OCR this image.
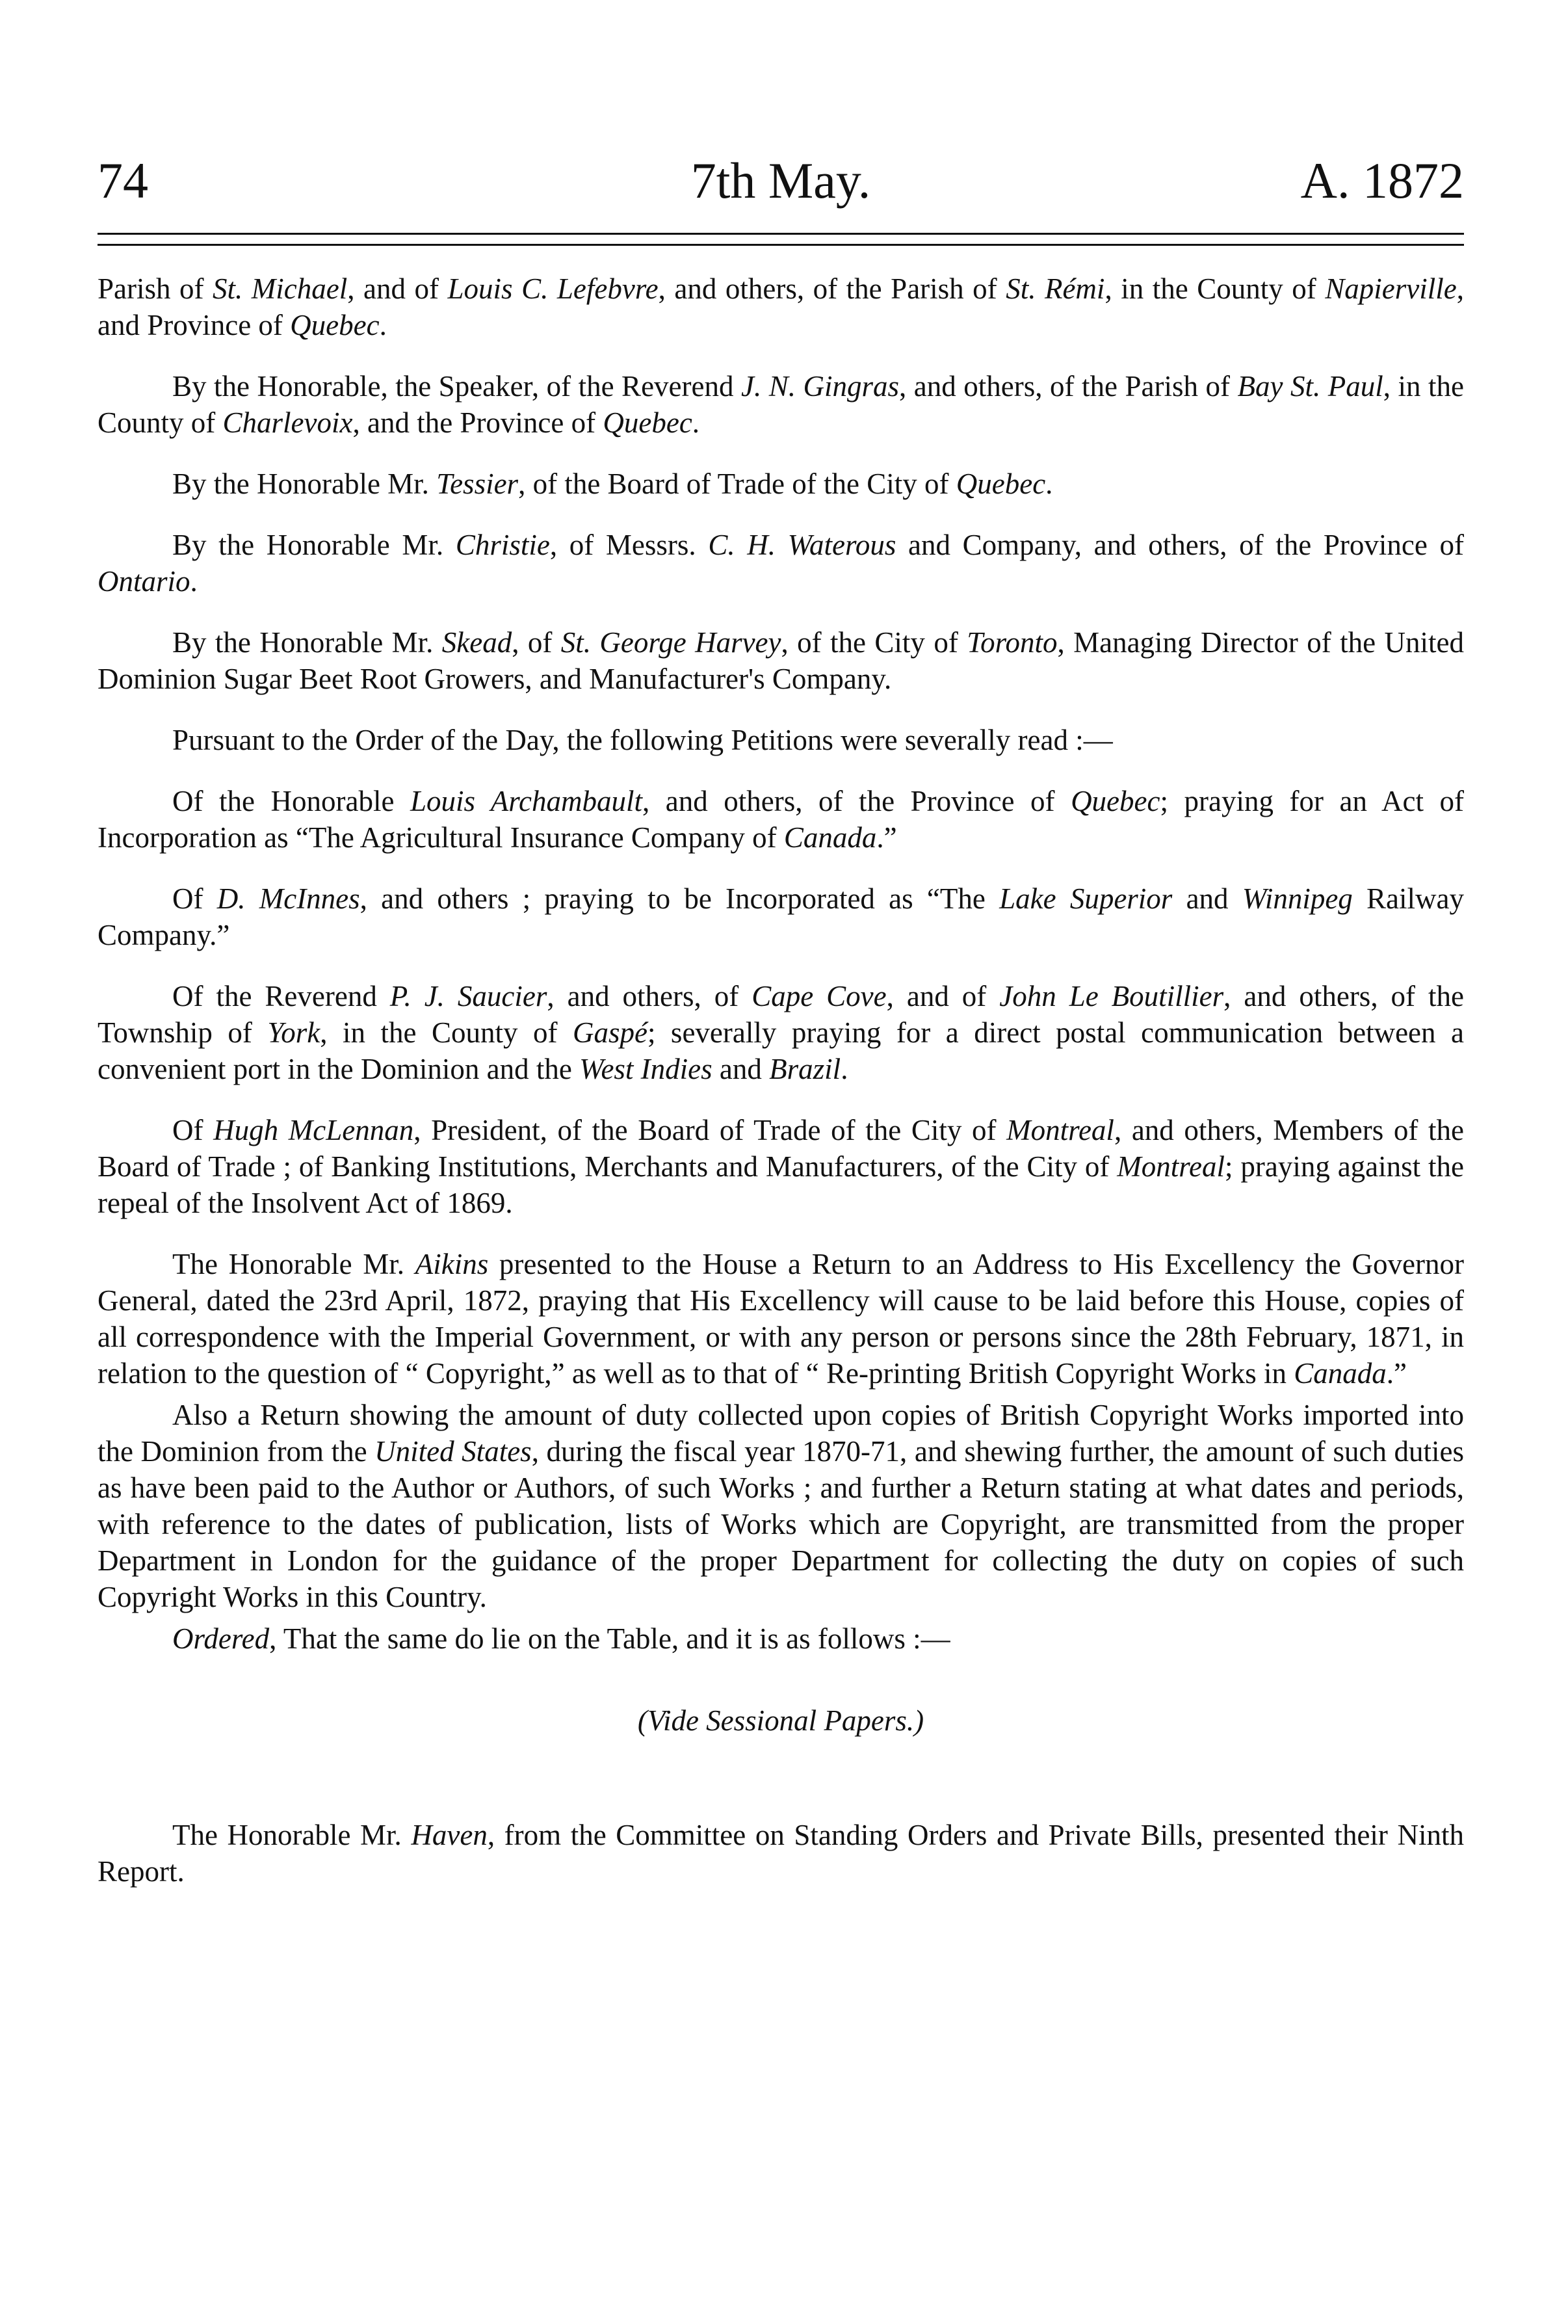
74	7th May.	A. 1872

Parish of St. Michael, and of Louis C. Lefebvre, and others, of the Parish of St. Rémi, in the County of Napierville, and Province of Quebec.

By the Honorable, the Speaker, of the Reverend J. N. Gingras, and others, of the Parish of Bay St. Paul, in the County of Charlevoix, and the Province of Quebec.

By the Honorable Mr. Tessier, of the Board of Trade of the City of Quebec.

By the Honorable Mr. Christie, of Messrs. C. H. Waterous and Company, and others, of the Province of Ontario.

By the Honorable Mr. Skead, of St. George Harvey, of the City of Toronto, Managing Director of the United Dominion Sugar Beet Root Growers, and Manufacturer's Company.

Pursuant to the Order of the Day, the following Petitions were severally read :—

Of the Honorable Louis Archambault, and others, of the Province of Quebec; praying for an Act of Incorporation as “The Agricultural Insurance Company of Canada.”

Of D. McInnes, and others ; praying to be Incorporated as “The Lake Superior and Winnipeg Railway Company.”

Of the Reverend P. J. Saucier, and others, of Cape Cove, and of John Le Boutillier, and others, of the Township of York, in the County of Gaspé; severally praying for a direct postal communication between a convenient port in the Dominion and the West Indies and Brazil.

Of Hugh McLennan, President, of the Board of Trade of the City of Montreal, and others, Members of the Board of Trade ; of Banking Institutions, Merchants and Manufacturers, of the City of Montreal; praying against the repeal of the Insolvent Act of 1869.

The Honorable Mr. Aikins presented to the House a Return to an Address to His Excellency the Governor General, dated the 23rd April, 1872, praying that His Excellency will cause to be laid before this House, copies of all correspondence with the Imperial Government, or with any person or persons since the 28th February, 1871, in relation to the question of “ Copyright,” as well as to that of “ Re-printing British Copyright Works in Canada.”

Also a Return showing the amount of duty collected upon copies of British Copyright Works imported into the Dominion from the United States, during the fiscal year 1870-71, and shewing further, the amount of such duties as have been paid to the Author or Authors, of such Works ; and further a Return stating at what dates and periods, with reference to the dates of publication, lists of Works which are Copyright, are transmitted from the proper Department in London for the guidance of the proper Department for collecting the duty on copies of such Copyright Works in this Country.

Ordered, That the same do lie on the Table, and it is as follows :—

(Vide Sessional Papers.)

The Honorable Mr. Haven, from the Committee on Standing Orders and Private Bills, presented their Ninth Report.
